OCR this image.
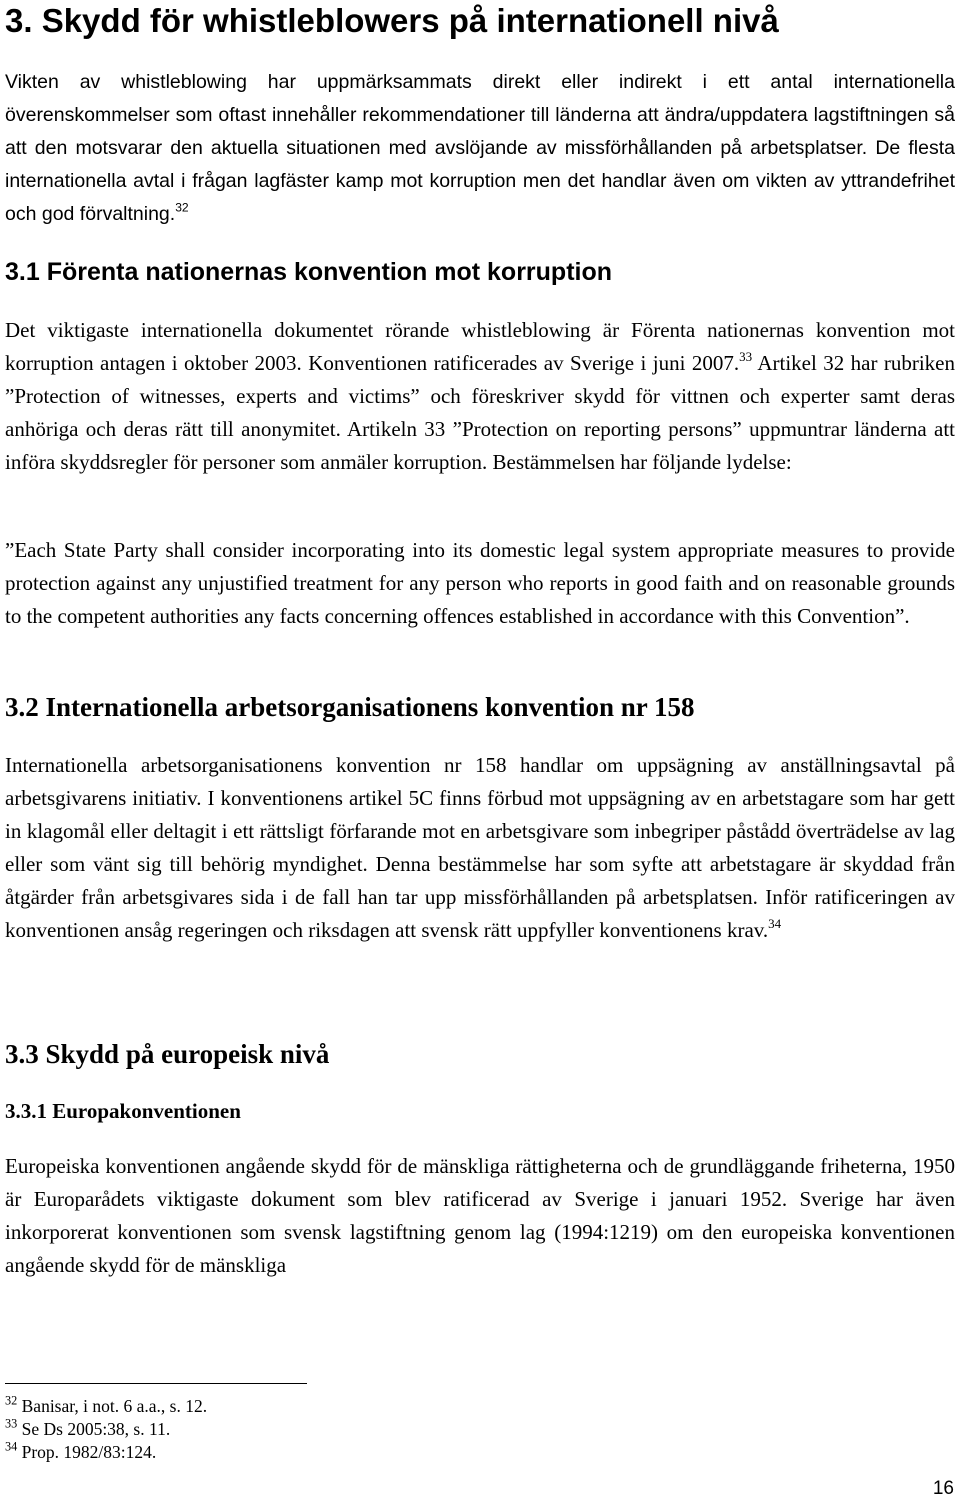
3. Skydd för whistleblowers på internationell nivå

Vikten av whistleblowing har uppmärksammats direkt eller indirekt i ett antal internationella överenskommelser som oftast innehåller rekommendationer till länderna att ändra/uppdatera lagstiftningen så att den motsvarar den aktuella situationen med avslöjande av missförhållanden på arbetsplatser. De flesta internationella avtal i frågan lagfäster kamp mot korruption men det handlar även om vikten av yttrandefrihet och god förvaltning.$^{32}$

3.1 Förenta nationernas konvention mot korruption

Det viktigaste internationella dokumentet rörande whistleblowing är Förenta nationernas konvention mot korruption antagen i oktober 2003. Konventionen ratificerades av Sverige i juni 2007.33 Artikel 32 har rubriken ”Protection of witnesses, experts and victims” och föreskriver skydd för vittnen och experter samt deras anhöriga och deras rätt till anonymitet. Artikeln 33 ”Protection on reporting persons” uppmuntrar länderna att införa skyddsregler för personer som anmäler korruption. Bestämmelsen har följande lydelse:

”Each State Party shall consider incorporating into its domestic legal system appropriate measures to provide protection against any unjustified treatment for any person who reports in good faith and on reasonable grounds to the competent authorities any facts concerning offences established in accordance with this Convention”.

3.2 Internationella arbetsorganisationens konvention nr 158

Internationella arbetsorganisationens konvention nr 158 handlar om uppsägning av anställningsavtal på arbetsgivarens initiativ. I konventionens artikel 5C finns förbud mot uppsägning av en arbetstagare som har gett in klagomål eller deltagit i ett rättsligt förfarande mot en arbetsgivare som inbegriper påstådd överträdelse av lag eller som vänt sig till behörig myndighet. Denna bestämmelse har som syfte att arbetstagare är skyddad från åtgärder från arbetsgivares sida i de fall han tar upp missförhållanden på arbetsplatsen. Inför ratificeringen av konventionen ansåg regeringen och riksdagen att svensk rätt uppfyller konventionens krav.$^{34}$

3.3 Skydd på europeisk nivå
3.3.1 Europakonventionen

Europeiska konventionen angående skydd för de mänskliga rättigheterna och de grundläggande friheterna, 1950 är Europarådets viktigaste dokument som blev ratificerad av Sverige i januari 1952. Sverige har även inkorporerat konventionen som svensk lagstiftning genom lag (1994:1219) om den europeiska konventionen angående skydd för de mänskliga

$^{32}$ Banisar, i not. 6 a.a., s. 12.
$^{33}$ Se Ds 2005:38, s. 11.
$^{34}$ Prop. 1982/83:124.
16
